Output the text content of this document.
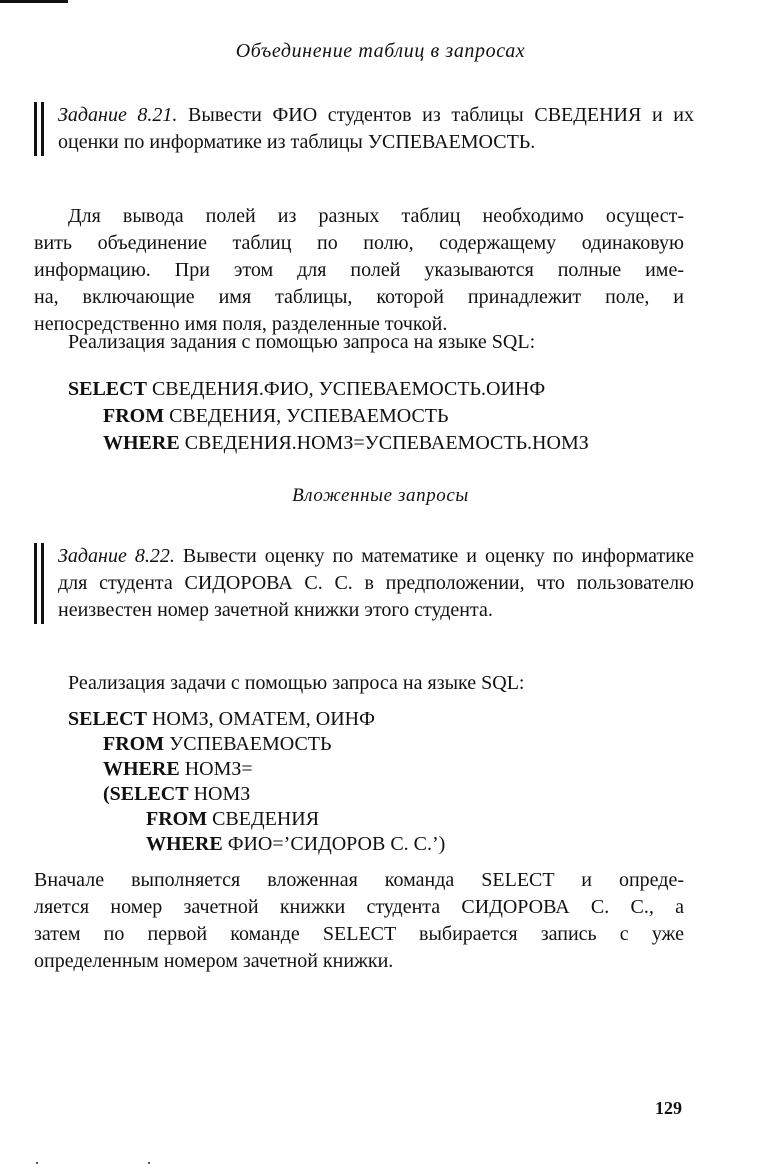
Объединение таблиц в запросах
Задание 8.21. Вывести ФИО студентов из таблицы СВЕДЕНИЯ и их оценки по информатике из таблицы УСПЕВАЕМОСТЬ.
Для вывода полей из разных таблиц необходимо осущест-
вить объединение таблиц по полю, содержащему одинаковую
информацию. При этом для полей указываются полные име-
на, включающие имя таблицы, которой принадлежит поле, и
непосредственно имя поля, разделенные точкой.
Реализация задания с помощью запроса на языке SQL:
SELECT СВЕДЕНИЯ.ФИО, УСПЕВАЕМОСТЬ.ОИНФ
FROM СВЕДЕНИЯ, УСПЕВАЕМОСТЬ
WHERE СВЕДЕНИЯ.НОМЗ=УСПЕВАЕМОСТЬ.НОМЗ
Вложенные запросы
Задание 8.22. Вывести оценку по математике и оценку по информатике для студента СИДОРОВА С. С. в предположении, что пользователю неизвестен номер зачетной книжки этого студента.
Реализация задачи с помощью запроса на языке SQL:
SELECT НОМЗ, ОМАТЕМ, ОИНФ
FROM УСПЕВАЕМОСТЬ
WHERE НОМЗ=
(SELECT НОМЗ
FROM СВЕДЕНИЯ
WHERE ФИО=’СИДОРОВ С. С.’)
Вначале выполняется вложенная команда SELECT и опреде-
ляется номер зачетной книжки студента СИДОРОВА С. С., а
затем по первой команде SELECT выбирается запись с уже
определенным номером зачетной книжки.
129
